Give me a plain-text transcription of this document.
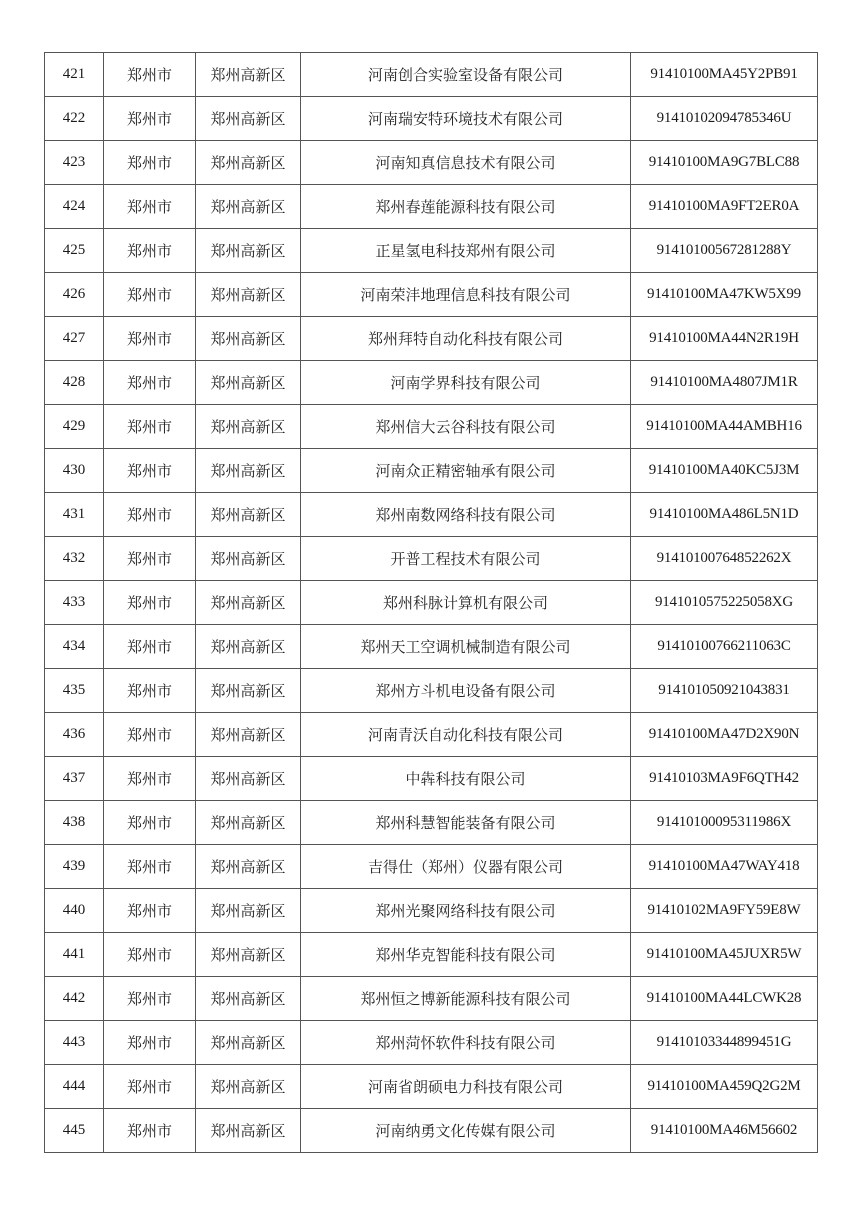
421	郑州市	郑州高新区	河南创合实验室设备有限公司	91410100MA45Y2PB91
422	郑州市	郑州高新区	河南瑞安特环境技术有限公司	91410102094785346U
423	郑州市	郑州高新区	河南知真信息技术有限公司	91410100MA9G7BLC88
424	郑州市	郑州高新区	郑州春莲能源科技有限公司	91410100MA9FT2ER0A
425	郑州市	郑州高新区	正星氢电科技郑州有限公司	91410100567281288Y
426	郑州市	郑州高新区	河南荣沣地理信息科技有限公司	91410100MA47KW5X99
427	郑州市	郑州高新区	郑州拜特自动化科技有限公司	91410100MA44N2R19H
428	郑州市	郑州高新区	河南学界科技有限公司	91410100MA4807JM1R
429	郑州市	郑州高新区	郑州信大云谷科技有限公司	91410100MA44AMBH16
430	郑州市	郑州高新区	河南众正精密轴承有限公司	91410100MA40KC5J3M
431	郑州市	郑州高新区	郑州南数网络科技有限公司	91410100MA486L5N1D
432	郑州市	郑州高新区	开普工程技术有限公司	91410100764852262X
433	郑州市	郑州高新区	郑州科脉计算机有限公司	9141010575225058XG
434	郑州市	郑州高新区	郑州天工空调机械制造有限公司	91410100766211063C
435	郑州市	郑州高新区	郑州方斗机电设备有限公司	914101050921043831
436	郑州市	郑州高新区	河南青沃自动化科技有限公司	91410100MA47D2X90N
437	郑州市	郑州高新区	中犇科技有限公司	91410103MA9F6QTH42
438	郑州市	郑州高新区	郑州科慧智能装备有限公司	91410100095311986X
439	郑州市	郑州高新区	吉得仕（郑州）仪器有限公司	91410100MA47WAY418
440	郑州市	郑州高新区	郑州光聚网络科技有限公司	91410102MA9FY59E8W
441	郑州市	郑州高新区	郑州华克智能科技有限公司	91410100MA45JUXR5W
442	郑州市	郑州高新区	郑州恒之博新能源科技有限公司	91410100MA44LCWK28
443	郑州市	郑州高新区	郑州菏怀软件科技有限公司	91410103344899451G
444	郑州市	郑州高新区	河南省朗硕电力科技有限公司	91410100MA459Q2G2M
445	郑州市	郑州高新区	河南纳勇文化传媒有限公司	91410100MA46M56602
